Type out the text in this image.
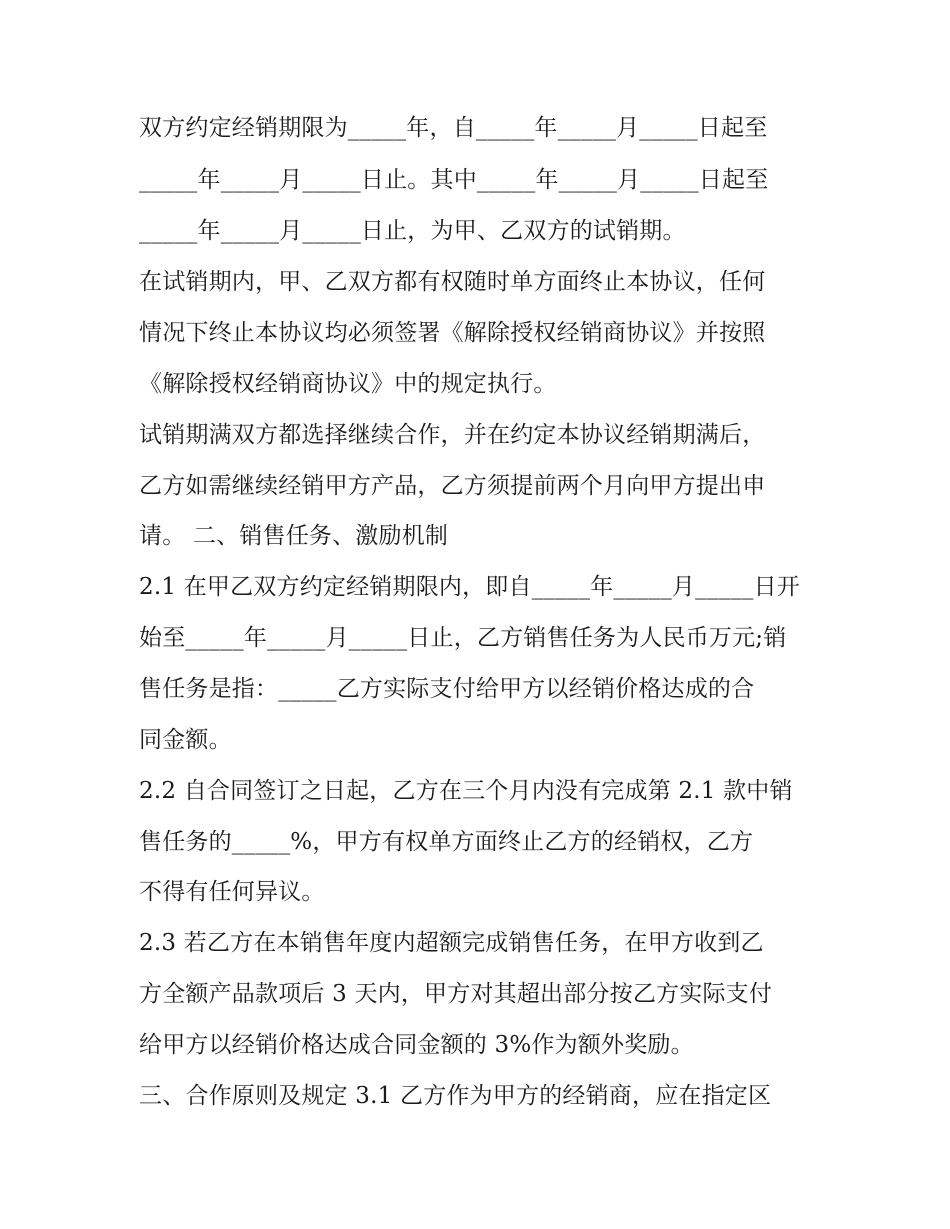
双方约定经销期限为_____年，自_____年_____月_____日起至
_____年_____月_____日止。其中_____年_____月_____日起至
_____年_____月_____日止，为甲、乙双方的试销期。
在试销期内，甲、乙双方都有权随时单方面终止本协议，任何
情况下终止本协议均必须签署《解除授权经销商协议》并按照
《解除授权经销商协议》中的规定执行。
试销期满双方都选择继续合作，并在约定本协议经销期满后，
乙方如需继续经销甲方产品，乙方须提前两个月向甲方提出申
请。 二、销售任务、激励机制
2.1 在甲乙双方约定经销期限内，即自_____年_____月_____日开
始至_____年_____月_____日止，乙方销售任务为人民币万元;销
售任务是指：_____乙方实际支付给甲方以经销价格达成的合
同金额。
2.2 自合同签订之日起，乙方在三个月内没有完成第 2.1 款中销
售任务的_____%，甲方有权单方面终止乙方的经销权，乙方
不得有任何异议。
2.3 若乙方在本销售年度内超额完成销售任务，在甲方收到乙
方全额产品款项后 3 天内，甲方对其超出部分按乙方实际支付
给甲方以经销价格达成合同金额的 3%作为额外奖励。
三、合作原则及规定 3.1 乙方作为甲方的经销商，应在指定区
